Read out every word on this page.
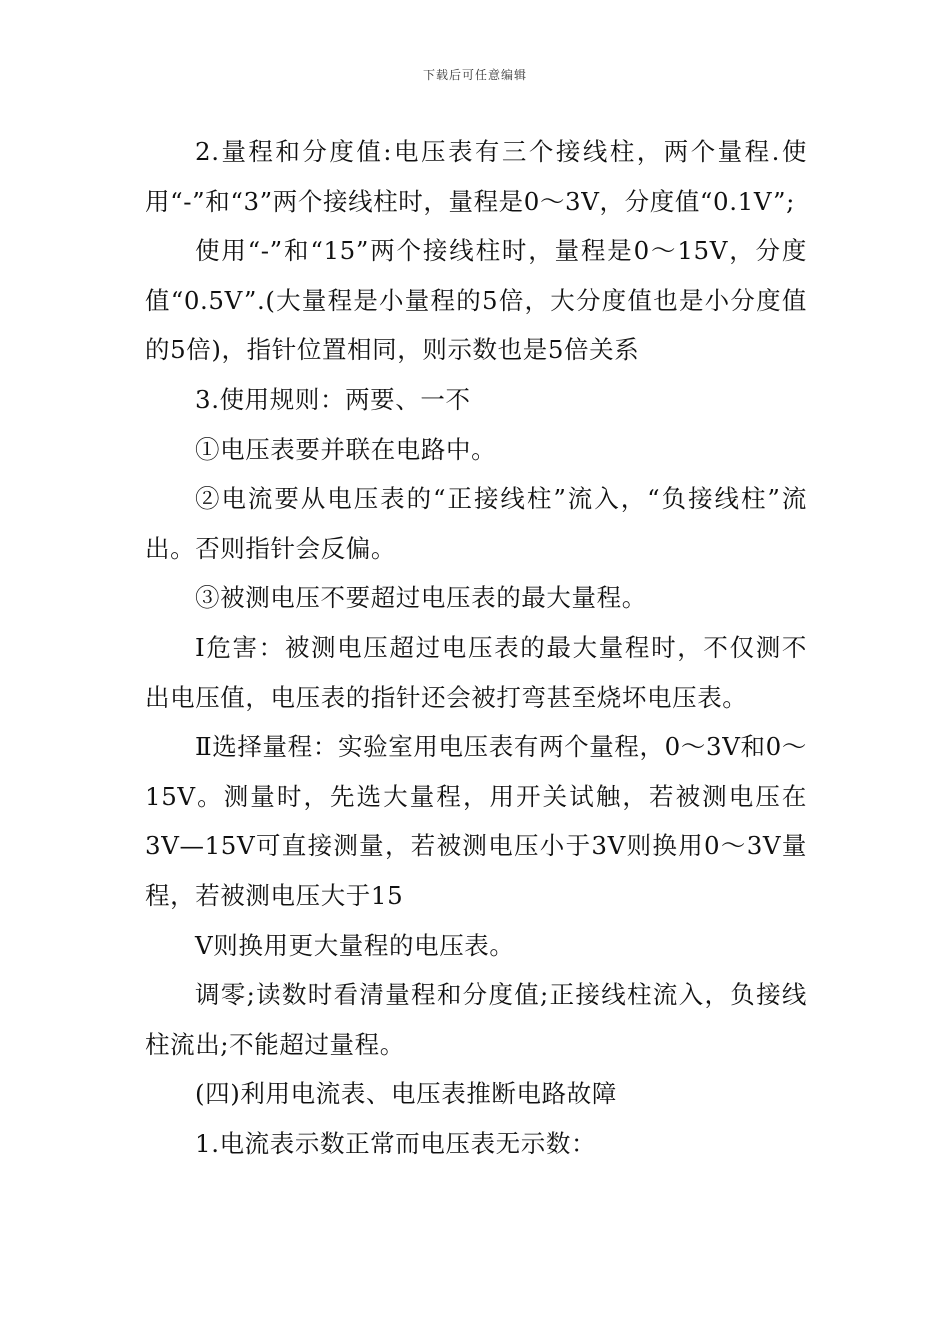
下载后可任意编辑

2.量程和分度值:电压表有三个接线柱，两个量程.使用“-”和“3”两个接线柱时，量程是0～3V，分度值“0.1V”;

使用“-”和“15”两个接线柱时，量程是0～15V，分度值“0.5V”.(大量程是小量程的5倍，大分度值也是小分度值的5倍)，指针位置相同，则示数也是5倍关系

3.使用规则：两要、一不

①电压表要并联在电路中。

②电流要从电压表的“正接线柱”流入，“负接线柱”流出。否则指针会反偏。

③被测电压不要超过电压表的最大量程。

Ⅰ危害：被测电压超过电压表的最大量程时，不仅测不出电压值，电压表的指针还会被打弯甚至烧坏电压表。

Ⅱ选择量程：实验室用电压表有两个量程，0～3V和0～15V。测量时，先选大量程，用开关试触，若被测电压在3V—15V可直接测量，若被测电压小于3V则换用0～3V量程，若被测电压大于15

V则换用更大量程的电压表。

调零;读数时看清量程和分度值;正接线柱流入，负接线柱流出;不能超过量程。

(四)利用电流表、电压表推断电路故障

1.电流表示数正常而电压表无示数：
